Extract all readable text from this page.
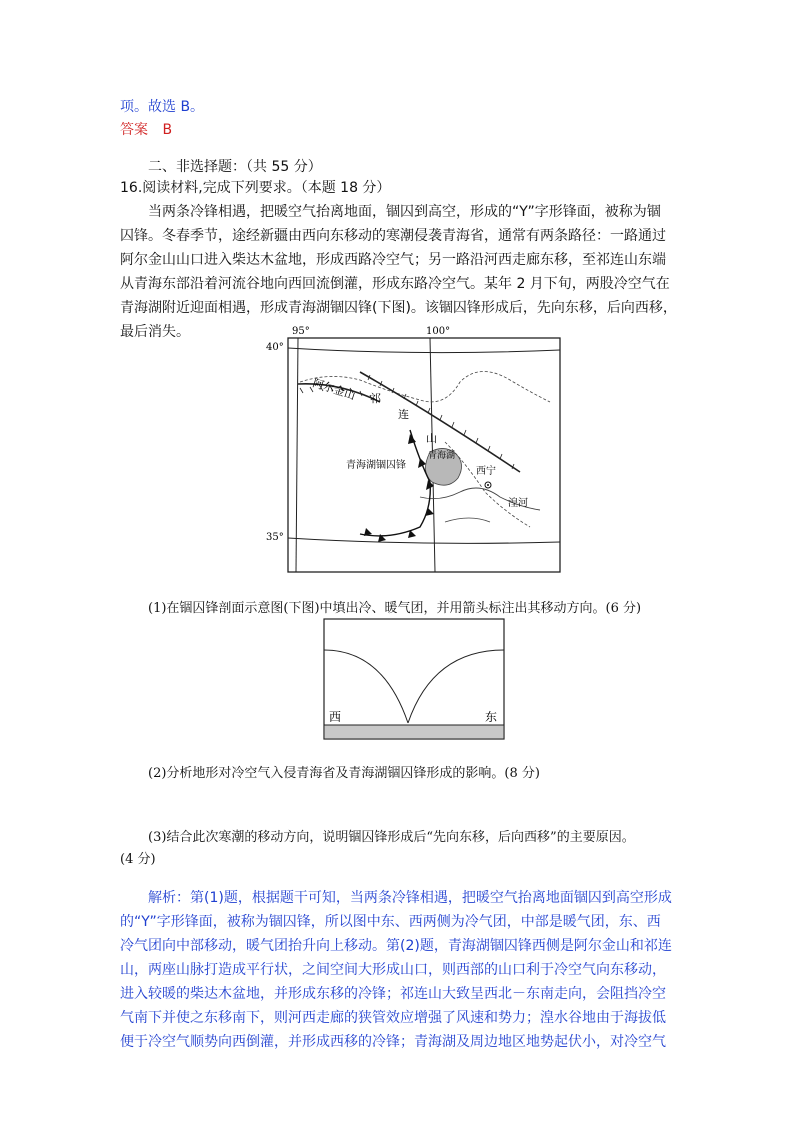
项。故选 B。
答案 B
二、非选择题：（共 55 分）
16.阅读材料,完成下列要求。（本题 18 分）
当两条冷锋相遇，把暖空气抬离地面，锢囚到高空，形成的“Y”字形锋面，被称为锢
囚锋。冬春季节，途经新疆由西向东移动的寒潮侵袭青海省，通常有两条路径：一路通过
阿尔金山山口进入柴达木盆地，形成西路冷空气；另一路沿河西走廊东移，至祁连山东端
从青海东部沿着河流谷地向西回流倒灌，形成东路冷空气。某年 2 月下旬，两股冷空气在
青海湖附近迎面相遇，形成青海湖锢囚锋(下图)。该锢囚锋形成后，先向东移，后向西移，
最后消失。	95°	100°
40°
35°
阿尔金山 祁
连
山
青海湖锢囚锋
青海湖
西宁
湟河
(1)在锢囚锋剖面示意图(下图)中填出冷、暖气团，并用箭头标注出其移动方向。(6 分)
西	东
(2)分析地形对冷空气入侵青海省及青海湖锢囚锋形成的影响。(8 分)
(3)结合此次寒潮的移动方向，说明锢囚锋形成后“先向东移，后向西移”的主要原因。
(4 分)
解析：第(1)题，根据题干可知，当两条冷锋相遇，把暖空气抬离地面锢囚到高空形成
的“Y”字形锋面，被称为锢囚锋，所以图中东、西两侧为冷气团，中部是暖气团，东、西
冷气团向中部移动，暖气团抬升向上移动。第(2)题，青海湖锢囚锋西侧是阿尔金山和祁连
山，两座山脉打造成平行状，之间空间大形成山口，则西部的山口利于冷空气向东移动，
进入较暖的柴达木盆地，并形成东移的冷锋；祁连山大致呈西北－东南走向，会阻挡冷空
气南下并使之东移南下，则河西走廊的狭管效应增强了风速和势力；湟水谷地由于海拔低
便于冷空气顺势向西倒灌，并形成西移的冷锋；青海湖及周边地区地势起伏小，对冷空气
